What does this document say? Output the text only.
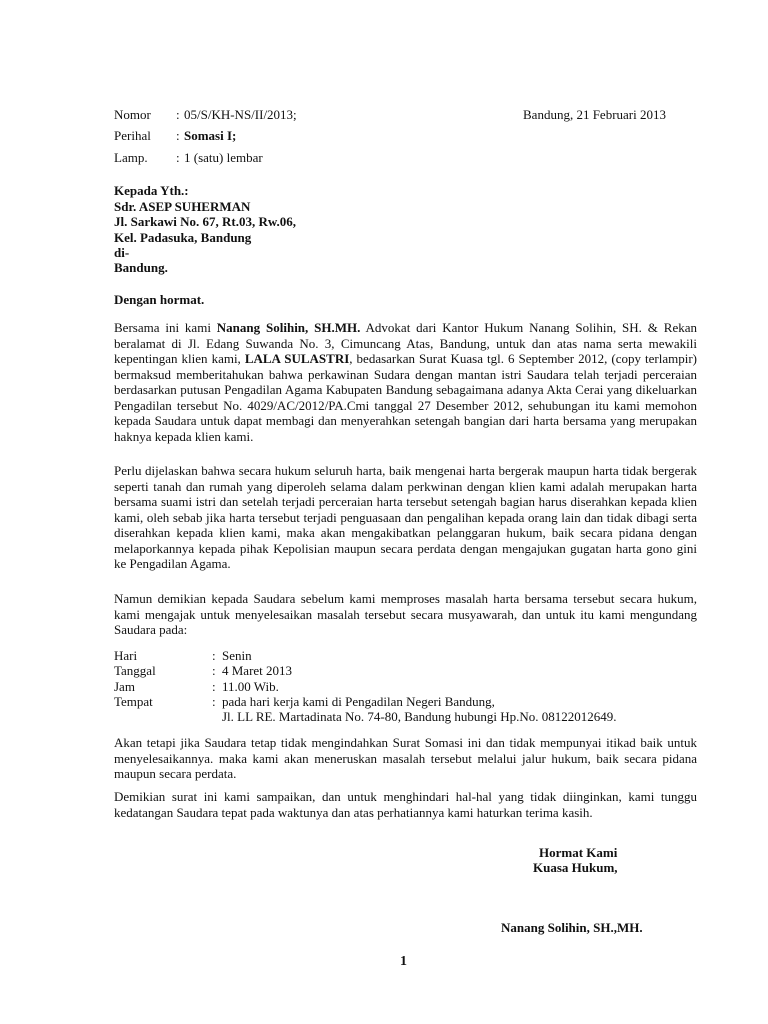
Nomor : 05/S/KH-NS/II/2013;	Bandung, 21 Februari 2013
Perihal : Somasi I;
Lamp. : 1 (satu) lembar
Kepada Yth.:
Sdr. ASEP SUHERMAN
Jl. Sarkawi No. 67, Rt.03, Rw.06,
Kel. Padasuka, Bandung
di-
Bandung.
Dengan hormat.

Bersama ini kami Nanang Solihin, SH.MH. Advokat dari Kantor Hukum Nanang Solihin, SH. & Rekan beralamat di Jl. Edang Suwanda No. 3, Cimuncang Atas, Bandung, untuk dan atas nama serta mewakili kepentingan klien kami, LALA SULASTRI, bedasarkan Surat Kuasa tgl. 6 September 2012, (copy terlampir) bermaksud memberitahukan bahwa perkawinan Sudara dengan mantan istri Saudara telah terjadi perceraian berdasarkan putusan Pengadilan Agama Kabupaten Bandung sebagaimana adanya Akta Cerai yang dikeluarkan Pengadilan tersebut No. 4029/AC/2012/PA.Cmi tanggal 27 Desember 2012, sehubungan itu kami memohon kepada Saudara untuk dapat membagi dan menyerahkan setengah bangian dari harta bersama yang merupakan haknya kepada klien kami.

Perlu dijelaskan bahwa secara hukum seluruh harta, baik mengenai harta bergerak maupun harta tidak bergerak seperti tanah dan rumah yang diperoleh selama dalam perkwinan dengan klien kami adalah merupakan harta bersama suami istri dan setelah terjadi perceraian harta tersebut setengah bagian harus diserahkan kepada klien kami, oleh sebab jika harta tersebut terjadi penguasaan dan pengalihan kepada orang lain dan tidak dibagi serta diserahkan kepada klien kami, maka akan mengakibatkan pelanggaran hukum, baik secara pidana dengan melaporkannya kepada pihak Kepolisian maupun secara perdata dengan mengajukan gugatan harta gono gini ke Pengadilan Agama.

Namun demikian kepada Saudara sebelum kami memproses masalah harta bersama tersebut secara hukum, kami mengajak untuk menyelesaikan masalah tersebut secara musyawarah, dan untuk itu kami mengundang Saudara pada:

Hari	: Senin
Tanggal	: 4 Maret 2013
Jam	: 11.00 Wib.
Tempat	: pada hari kerja kami di Pengadilan Negeri Bandung,
Jl. LL RE. Martadinata No. 74-80, Bandung hubungi Hp.No. 08122012649.

Akan tetapi jika Saudara tetap tidak mengindahkan Surat Somasi ini dan tidak mempunyai itikad baik untuk menyelesaikannya. maka kami akan meneruskan masalah tersebut melalui jalur hukum, baik secara pidana maupun secara perdata.

Demikian surat ini kami sampaikan, dan untuk menghindari hal-hal yang tidak diinginkan, kami tunggu kedatangan Saudara tepat pada waktunya dan atas perhatiannya kami haturkan terima kasih.

Hormat Kami
Kuasa Hukum,
Nanang Solihin, SH.,MH.
1
